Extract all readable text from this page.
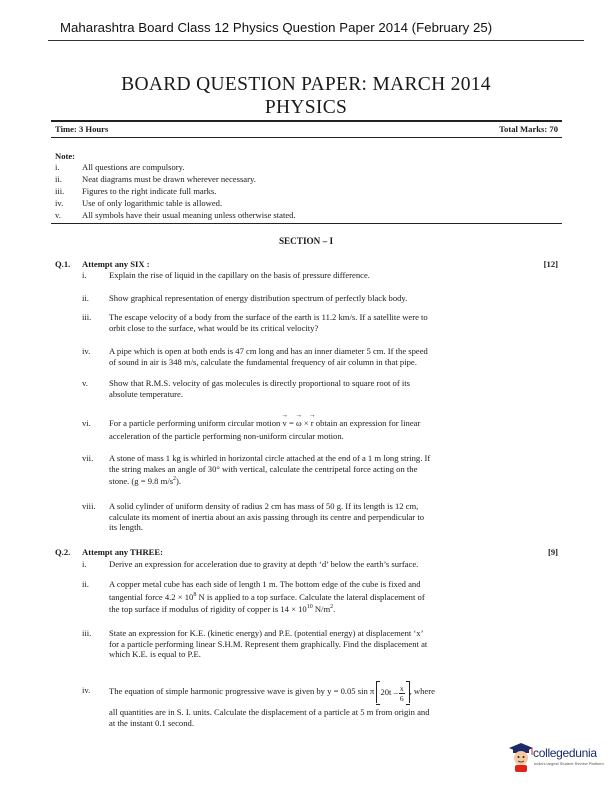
Maharashtra Board Class 12 Physics Question Paper 2014 (February 25)
BOARD QUESTION PAPER: MARCH 2014
PHYSICS
Time: 3 Hours	Total Marks: 70
Note:
i.	All questions are compulsory.
ii. Neat diagrams must be drawn wherever necessary.
iii. Figures to the right indicate full marks.
iv. Use of only logarithmic table is allowed.
v. All symbols have their usual meaning unless otherwise stated.
SECTION – I
Q.1. Attempt any SIX :	[12]
i.	Explain the rise of liquid in the capillary on the basis of pressure difference.
ii.	Show graphical representation of energy distribution spectrum of perfectly black body.
iii.	The escape velocity of a body from the surface of the earth is 11.2 km/s. If a satellite were to
orbit close to the surface, what would be its critical velocity?
iv.	A pipe which is open at both ends is 47 cm long and has an inner diameter 5 cm. If the speed
of sound in air is 348 m/s, calculate the fundamental frequency of air column in that pipe.
v.	Show that R.M.S. velocity of gas molecules is directly proportional to square root of its
absolute temperature.
vi.	For a particle performing uniform circular motion → v = → ω × → r obtain an expression for linear
acceleration of the particle performing non-uniform circular motion.
vii.	A stone of mass 1 kg is whirled in horizontal circle attached at the end of a 1 m long string. If
the string makes an angle of 30° with vertical, calculate the centripetal force acting on the
stone. (g = 9.8 $m/s^2$).
viii.	A solid cylinder of uniform density of radius 2 cm has mass of 50 g. If its length is 12 cm,
calculate its moment of inertia about an axis passing through its centre and perpendicular to
its length.
Q.2. Attempt any THREE:	[9]
i.	Derive an expression for acceleration due to gravity at depth ‘d’ below the earth’s surface.
ii.	A copper metal cube has each side of length 1 m. The bottom edge of the cube is fixed and
tangential force $4.2 \times 10^8$ N is applied to a top surface. Calculate the lateral displacement of
the top surface if modulus of rigidity of copper is $14 \times 10^{10}$ $N/m^2$.
iii.	State an expression for K.E. (kinetic energy) and P.E. (potential energy) at displacement ‘x’
for a particle performing linear S.H.M. Represent them graphically. Find the displacement at
which K.E. is equal to P.E.
iv.	The equation of simple harmonic progressive wave is given by y = 0.05 sin π $20t - \frac{x}{6}$ , where
all quantities are in S. I. units. Calculate the displacement of a particle at 5 m from origin and
at the instant 0.1 second.
collegedunia
India's largest Student Review Platform
